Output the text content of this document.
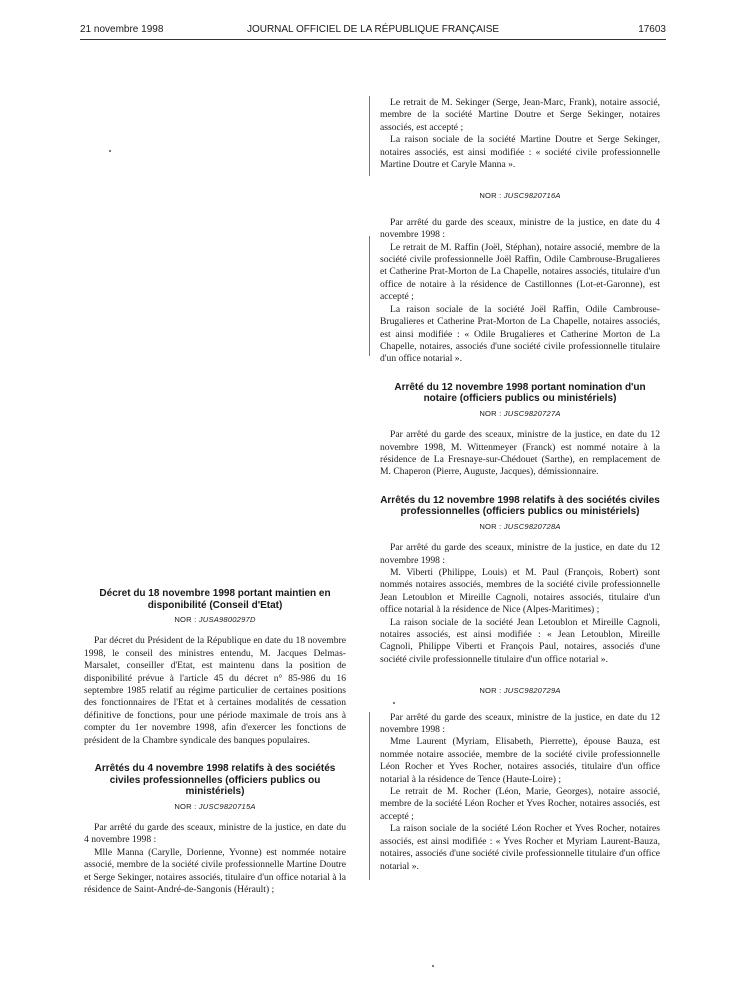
21 novembre 1998	JOURNAL OFFICIEL DE LA RÉPUBLIQUE FRANÇAISE	17603

Le retrait de M. Sekinger (Serge, Jean-Marc, Frank), notaire associé, membre de la société Martine Doutre et Serge Sekinger, notaires associés, est accepté ;

La raison sociale de la société Martine Doutre et Serge Sekinger, notaires associés, est ainsi modifiée : « société civile professionnelle Martine Doutre et Caryle Manna ».

NOR : JUSC9820716A

Par arrêté du garde des sceaux, ministre de la justice, en date du 4 novembre 1998 :

Le retrait de M. Raffin (Joël, Stéphan), notaire associé, membre de la société civile professionnelle Joël Raffin, Odile Cambrouse-Brugalieres et Catherine Prat-Morton de La Chapelle, notaires associés, titulaire d'un office de notaire à la résidence de Castillonnes (Lot-et-Garonne), est accepté ;

La raison sociale de la société Joël Raffin, Odile Cambrouse-Brugalieres et Catherine Prat-Morton de La Chapelle, notaires associés, est ainsi modifiée : « Odile Brugalieres et Catherine Morton de La Chapelle, notaires, associés d'une société civile professionnelle titulaire d'un office notarial ».

Arrêté du 12 novembre 1998 portant nomination d'un notaire (officiers publics ou ministériels)
NOR : JUSC9820727A

Par arrêté du garde des sceaux, ministre de la justice, en date du 12 novembre 1998, M. Wittenmeyer (Franck) est nommé notaire à la résidence de La Fresnaye-sur-Chédouet (Sarthe), en remplacement de M. Chaperon (Pierre, Auguste, Jacques), démissionnaire.

Arrêtés du 12 novembre 1998 relatifs à des sociétés civiles professionnelles (officiers publics ou ministériels)
NOR : JUSC9820728A

Par arrêté du garde des sceaux, ministre de la justice, en date du 12 novembre 1998 :

M. Viberti (Philippe, Louis) et M. Paul (François, Robert) sont nommés notaires associés, membres de la société civile professionnelle Jean Letoublon et Mireille Cagnoli, notaires associés, titulaire d'un office notarial à la résidence de Nice (Alpes-Maritimes) ;

La raison sociale de la société Jean Letoublon et Mireille Cagnoli, notaires associés, est ainsi modifiée : « Jean Letoublon, Mireille Cagnoli, Philippe Viberti et François Paul, notaires, associés d'une société civile professionnelle titulaire d'un office notarial ».

NOR : JUSC9820729A

Par arrêté du garde des sceaux, ministre de la justice, en date du 12 novembre 1998 :

Mme Laurent (Myriam, Elisabeth, Pierrette), épouse Bauza, est nommée notaire associée, membre de la société civile professionnelle Léon Rocher et Yves Rocher, notaires associés, titulaire d'un office notarial à la résidence de Tence (Haute-Loire) ;

Le retrait de M. Rocher (Léon, Marie, Georges), notaire associé, membre de la société Léon Rocher et Yves Rocher, notaires associés, est accepté ;

La raison sociale de la société Léon Rocher et Yves Rocher, notaires associés, est ainsi modifiée : « Yves Rocher et Myriam Laurent-Bauza, notaires, associés d'une société civile professionnelle titulaire d'un office notarial ».

Décret du 18 novembre 1998 portant maintien en disponibilité (Conseil d'Etat)
NOR : JUSA9800297D

Par décret du Président de la République en date du 18 novembre 1998, le conseil des ministres entendu, M. Jacques Delmas-Marsalet, conseiller d'Etat, est maintenu dans la position de disponibilité prévue à l'article 45 du décret n° 85-986 du 16 septembre 1985 relatif au régime particulier de certaines positions des fonctionnaires de l'Etat et à certaines modalités de cessation définitive de fonctions, pour une période maximale de trois ans à compter du 1er novembre 1998, afin d'exercer les fonctions de président de la Chambre syndicale des banques populaires.

Arrêtés du 4 novembre 1998 relatifs à des sociétés civiles professionnelles (officiers publics ou ministériels)
NOR : JUSC9820715A

Par arrêté du garde des sceaux, ministre de la justice, en date du 4 novembre 1998 :

Mlle Manna (Carylle, Dorienne, Yvonne) est nommée notaire associé, membre de la société civile professionnelle Martine Doutre et Serge Sekinger, notaires associés, titulaire d'un office notarial à la résidence de Saint-André-de-Sangonis (Hérault) ;
